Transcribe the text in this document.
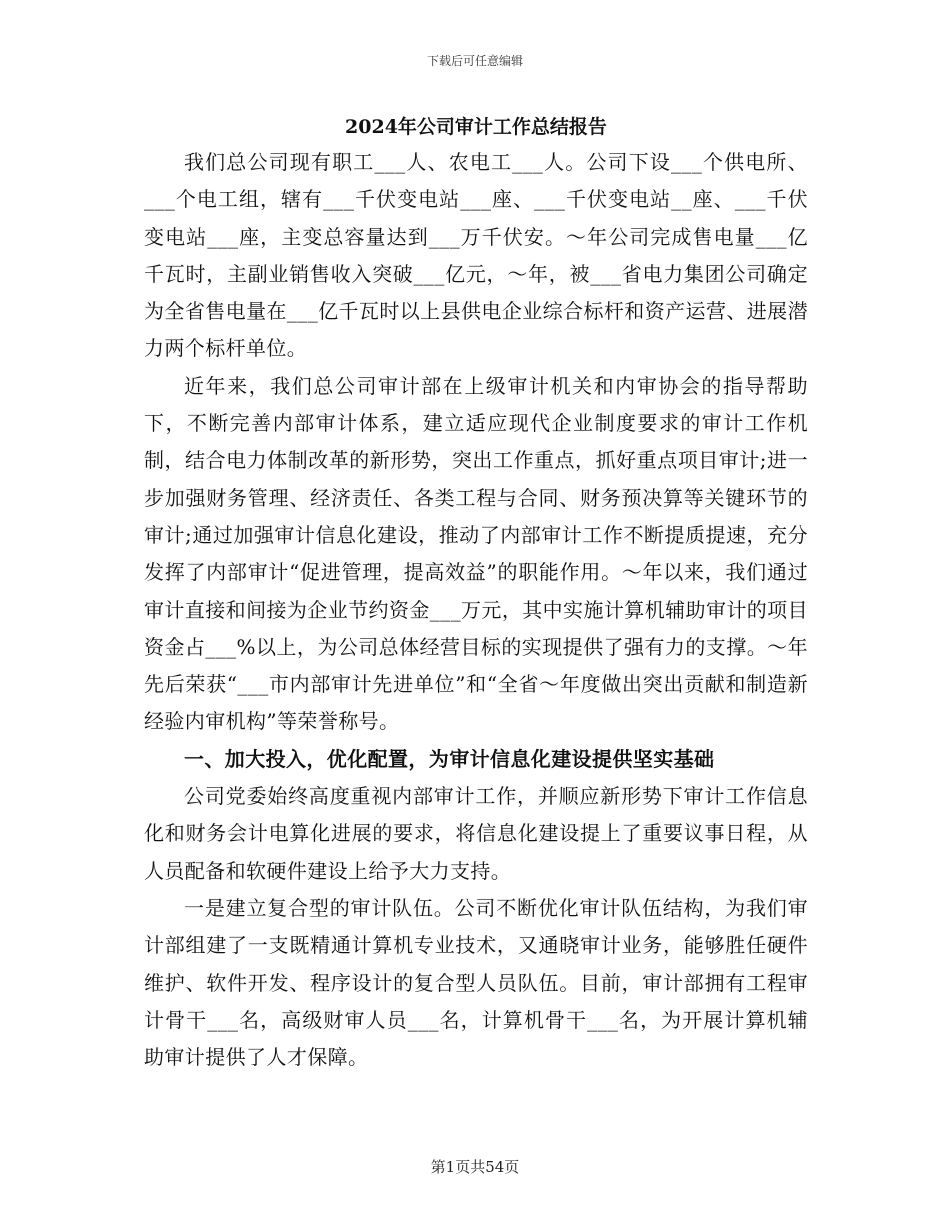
下载后可任意编辑
2024年公司审计工作总结报告

我们总公司现有职工___人、农电工___人。公司下设___个供电所、___个电工组，辖有___千伏变电站___座、___千伏变电站__座、___千伏变电站___座，主变总容量达到___万千伏安。～年公司完成售电量___亿千瓦时，主副业销售收入突破___亿元，～年，被___省电力集团公司确定为全省售电量在___亿千瓦时以上县供电企业综合标杆和资产运营、进展潜力两个标杆单位。

近年来，我们总公司审计部在上级审计机关和内审协会的指导帮助下，不断完善内部审计体系，建立适应现代企业制度要求的审计工作机制，结合电力体制改革的新形势，突出工作重点，抓好重点项目审计;进一步加强财务管理、经济责任、各类工程与合同、财务预决算等关键环节的审计;通过加强审计信息化建设，推动了内部审计工作不断提质提速，充分发挥了内部审计“促进管理，提高效益”的职能作用。～年以来，我们通过审计直接和间接为企业节约资金___万元，其中实施计算机辅助审计的项目资金占___%以上，为公司总体经营目标的实现提供了强有力的支撑。～年先后荣获“___市内部审计先进单位”和“全省～年度做出突出贡献和制造新经验内审机构”等荣誉称号。

一、加大投入，优化配置，为审计信息化建设提供坚实基础

公司党委始终高度重视内部审计工作，并顺应新形势下审计工作信息化和财务会计电算化进展的要求，将信息化建设提上了重要议事日程，从人员配备和软硬件建设上给予大力支持。

一是建立复合型的审计队伍。公司不断优化审计队伍结构，为我们审计部组建了一支既精通计算机专业技术，又通晓审计业务，能够胜任硬件维护、软件开发、程序设计的复合型人员队伍。目前，审计部拥有工程审计骨干___名，高级财审人员___名，计算机骨干___名，为开展计算机辅助审计提供了人才保障。

第1页共54页
